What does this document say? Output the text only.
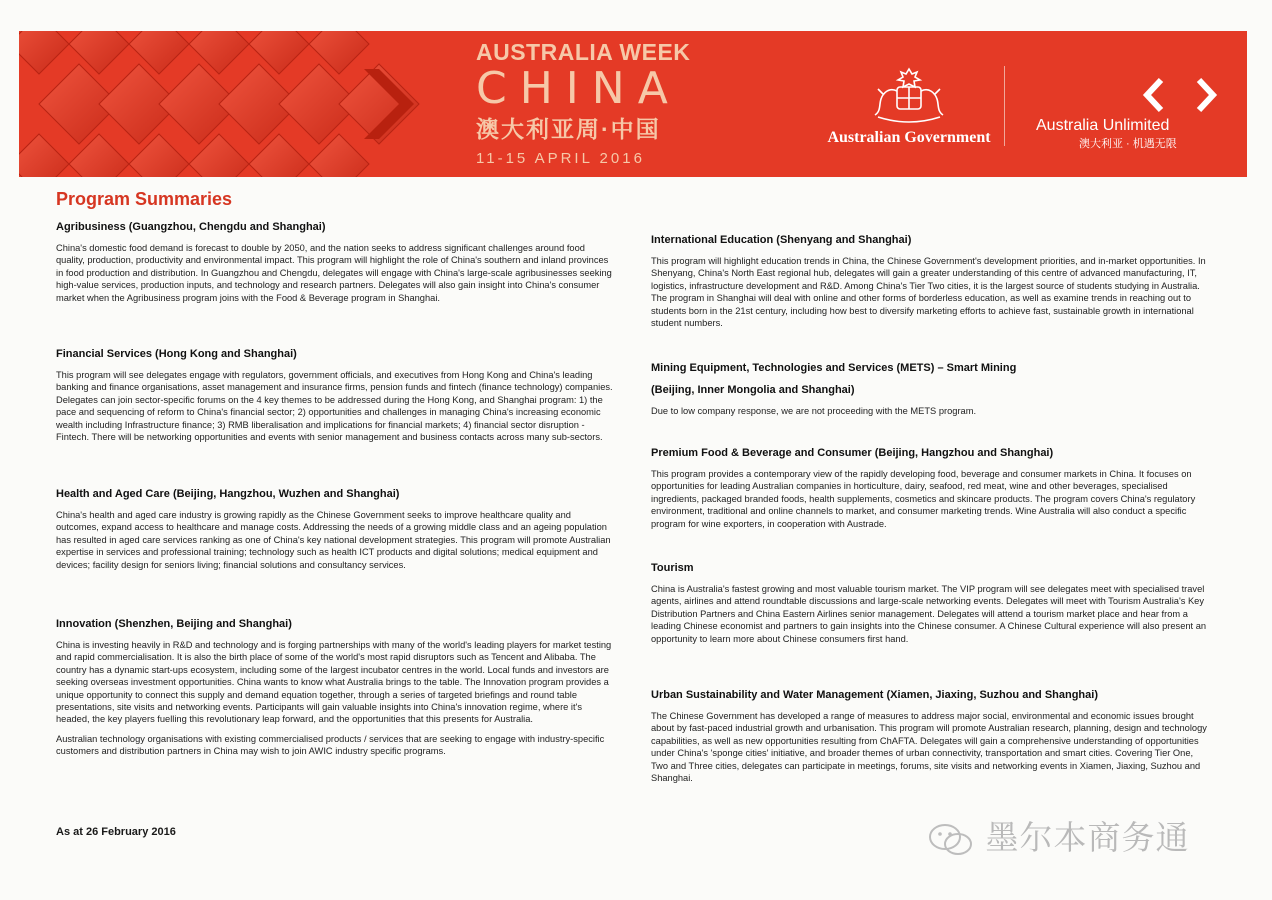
AUSTRALIA WEEK
CHINA
澳大利亚周·中国
11-15 APRIL 2016
Australian Government
Australia Unlimited
澳大利亚 · 机遇无限
Program Summaries
Agribusiness (Guangzhou, Chengdu and Shanghai)

China's domestic food demand is forecast to double by 2050, and the nation seeks to address significant challenges around food quality, production, productivity and environmental impact. This program will highlight the role of China's southern and inland provinces in food production and distribution. In Guangzhou and Chengdu, delegates will engage with China's large-scale agribusinesses seeking high-value services, production inputs, and technology and research partners. Delegates will also gain insight into China's consumer market when the Agribusiness program joins with the Food & Beverage program in Shanghai.

Financial Services (Hong Kong and Shanghai)

This program will see delegates engage with regulators, government officials, and executives from Hong Kong and China's leading banking and finance organisations, asset management and insurance firms, pension funds and fintech (finance technology) companies. Delegates can join sector-specific forums on the 4 key themes to be addressed during the Hong Kong, and Shanghai program: 1) the pace and sequencing of reform to China's financial sector; 2) opportunities and challenges in managing China's increasing economic wealth including Infrastructure finance; 3) RMB liberalisation and implications for financial markets; 4) financial sector disruption - Fintech. There will be networking opportunities and events with senior management and business contacts across many sub-sectors.

Health and Aged Care (Beijing, Hangzhou, Wuzhen and Shanghai)

China's health and aged care industry is growing rapidly as the Chinese Government seeks to improve healthcare quality and outcomes, expand access to healthcare and manage costs. Addressing the needs of a growing middle class and an ageing population has resulted in aged care services ranking as one of China's key national development strategies. This program will promote Australian expertise in services and professional training; technology such as health ICT products and digital solutions; medical equipment and devices; facility design for seniors living; financial solutions and consultancy services.

Innovation (Shenzhen, Beijing and Shanghai)

China is investing heavily in R&D and technology and is forging partnerships with many of the world's leading players for market testing and rapid commercialisation. It is also the birth place of some of the world's most rapid disruptors such as Tencent and Alibaba. The country has a dynamic start-ups ecosystem, including some of the largest incubator centres in the world. Local funds and investors are seeking overseas investment opportunities. China wants to know what Australia brings to the table. The Innovation program provides a unique opportunity to connect this supply and demand equation together, through a series of targeted briefings and round table presentations, site visits and networking events. Participants will gain valuable insights into China's innovation regime, where it's headed, the key players fuelling this revolutionary leap forward, and the opportunities that this presents for Australia.

Australian technology organisations with existing commercialised products / services that are seeking to engage with industry-specific customers and distribution partners in China may wish to join AWIC industry specific programs.

International Education (Shenyang and Shanghai)

This program will highlight education trends in China, the Chinese Government's development priorities, and in-market opportunities. In Shenyang, China's North East regional hub, delegates will gain a greater understanding of this centre of advanced manufacturing, IT, logistics, infrastructure development and R&D. Among China's Tier Two cities, it is the largest source of students studying in Australia. The program in Shanghai will deal with online and other forms of borderless education, as well as examine trends in reaching out to students born in the 21st century, including how best to diversify marketing efforts to achieve fast, sustainable growth in international student numbers.

Mining Equipment, Technologies and Services (METS) – Smart Mining
(Beijing, Inner Mongolia and Shanghai)

Due to low company response, we are not proceeding with the METS program.

Premium Food & Beverage and Consumer (Beijing, Hangzhou and Shanghai)

This program provides a contemporary view of the rapidly developing food, beverage and consumer markets in China. It focuses on opportunities for leading Australian companies in horticulture, dairy, seafood, red meat, wine and other beverages, specialised ingredients, packaged branded foods, health supplements, cosmetics and skincare products. The program covers China's regulatory environment, traditional and online channels to market, and consumer marketing trends. Wine Australia will also conduct a specific program for wine exporters, in cooperation with Austrade.

Tourism

China is Australia's fastest growing and most valuable tourism market. The VIP program will see delegates meet with specialised travel agents, airlines and attend roundtable discussions and large-scale networking events. Delegates will meet with Tourism Australia's Key Distribution Partners and China Eastern Airlines senior management. Delegates will attend a tourism market place and hear from a leading Chinese economist and partners to gain insights into the Chinese consumer. A Chinese Cultural experience will also present an opportunity to learn more about Chinese consumers first hand.

Urban Sustainability and Water Management (Xiamen, Jiaxing, Suzhou and Shanghai)

The Chinese Government has developed a range of measures to address major social, environmental and economic issues brought about by fast-paced industrial growth and urbanisation. This program will promote Australian research, planning, design and technology capabilities, as well as new opportunities resulting from ChAFTA. Delegates will gain a comprehensive understanding of opportunities under China's 'sponge cities' initiative, and broader themes of urban connectivity, transportation and smart cities. Covering Tier One, Two and Three cities, delegates can participate in meetings, forums, site visits and networking events in Xiamen, Jiaxing, Suzhou and Shanghai.

As at 26 February 2016	墨尔本商务通
